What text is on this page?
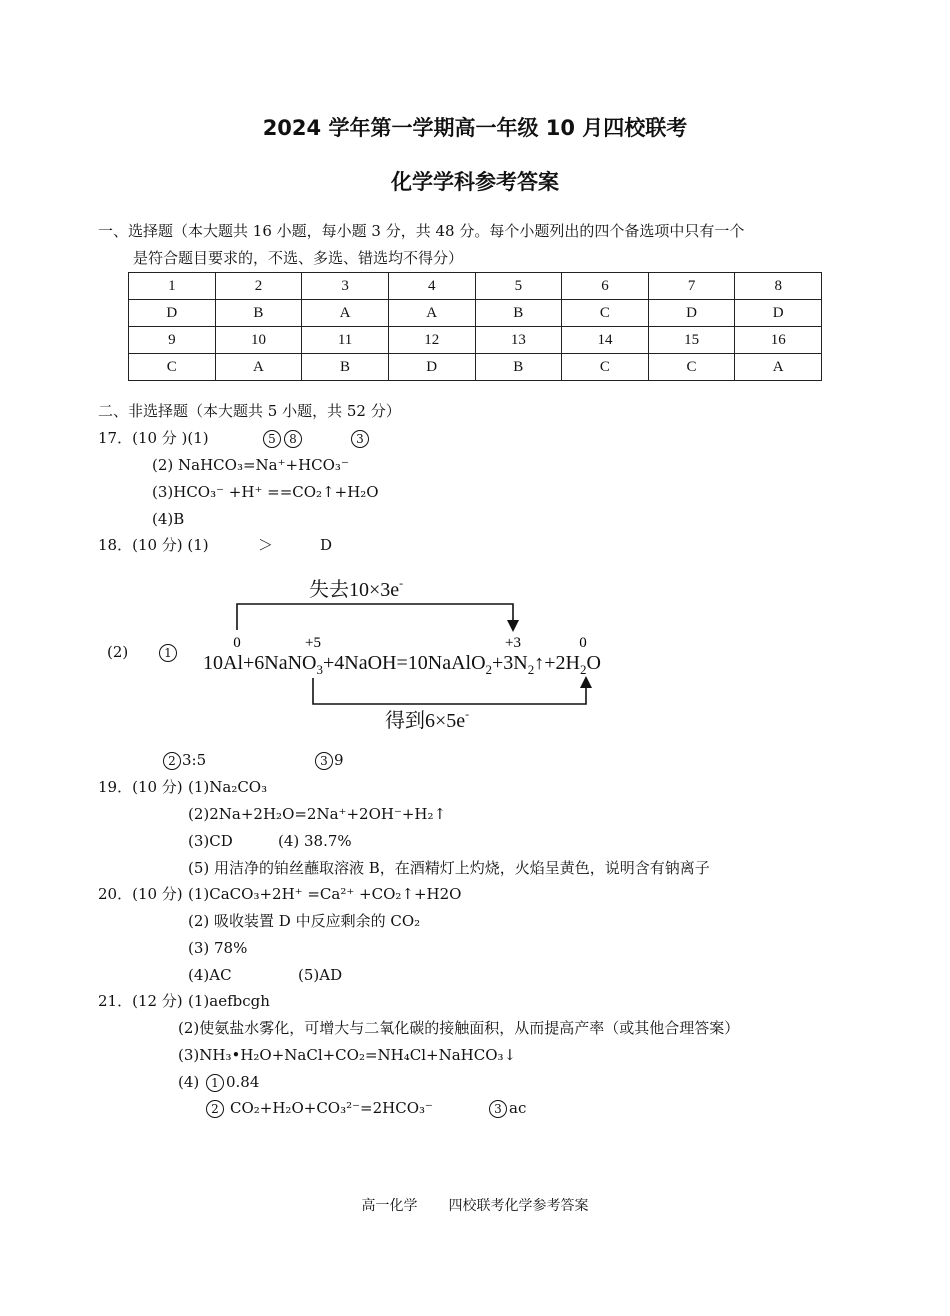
2024 学年第一学期高一年级 10 月四校联考
化学学科参考答案
一、选择题（本大题共 16 小题，每小题 3 分，共 48 分。每个小题列出的四个备选项中只有一个
是符合题目要求的，不选、多选、错选均不得分）
1	2	3	4	5	6	7	8
D	B	A	A	B	C	D	D
9	10	11	12	13	14	15	16
C	A	B	D	B	C	C	A
二、非选择题（本大题共 5 小题，共 52 分）
17．(10 分 )(1)	5	8	3
(2) NaHCO₃=Na⁺+HCO₃⁻
(3)HCO₃⁻ +H⁺ ==CO₂↑+H₂O
(4)B
18．(10 分) (1)	＞	D
(2)	1
失去10×3e-
0	+5	+3	0
$10Al+6NaNO_3+4NaOH=10NaAlO_2+3N_2↑+2H_2O$
得到6×5e-
2 3:5	3 9
19．(10 分) (1)Na₂CO₃
(2)2Na+2H₂O=2Na⁺+2OH⁻+H₂↑
(3)CD	(4) 38.7%
(5) 用洁净的铂丝蘸取溶液 B，在酒精灯上灼烧，火焰呈黄色，说明含有钠离子
20．(10 分) (1)CaCO₃+2H⁺ =Ca²⁺ +CO₂↑+H2O
(2) 吸收装置 D 中反应剩余的 CO₂
(3) 78%
(4)AC	(5)AD
21．(12 分) (1)aefbcgh
(2)使氨盐水雾化，可增大与二氧化碳的接触面积，从而提高产率（或其他合理答案）
(3)NH₃•H₂O+NaCl+CO₂=NH₄Cl+NaHCO₃↓
(4) 1 0.84
2 CO₂+H₂O+CO₃²⁻=2HCO₃⁻	3 ac
高一化学 四校联考化学参考答案
